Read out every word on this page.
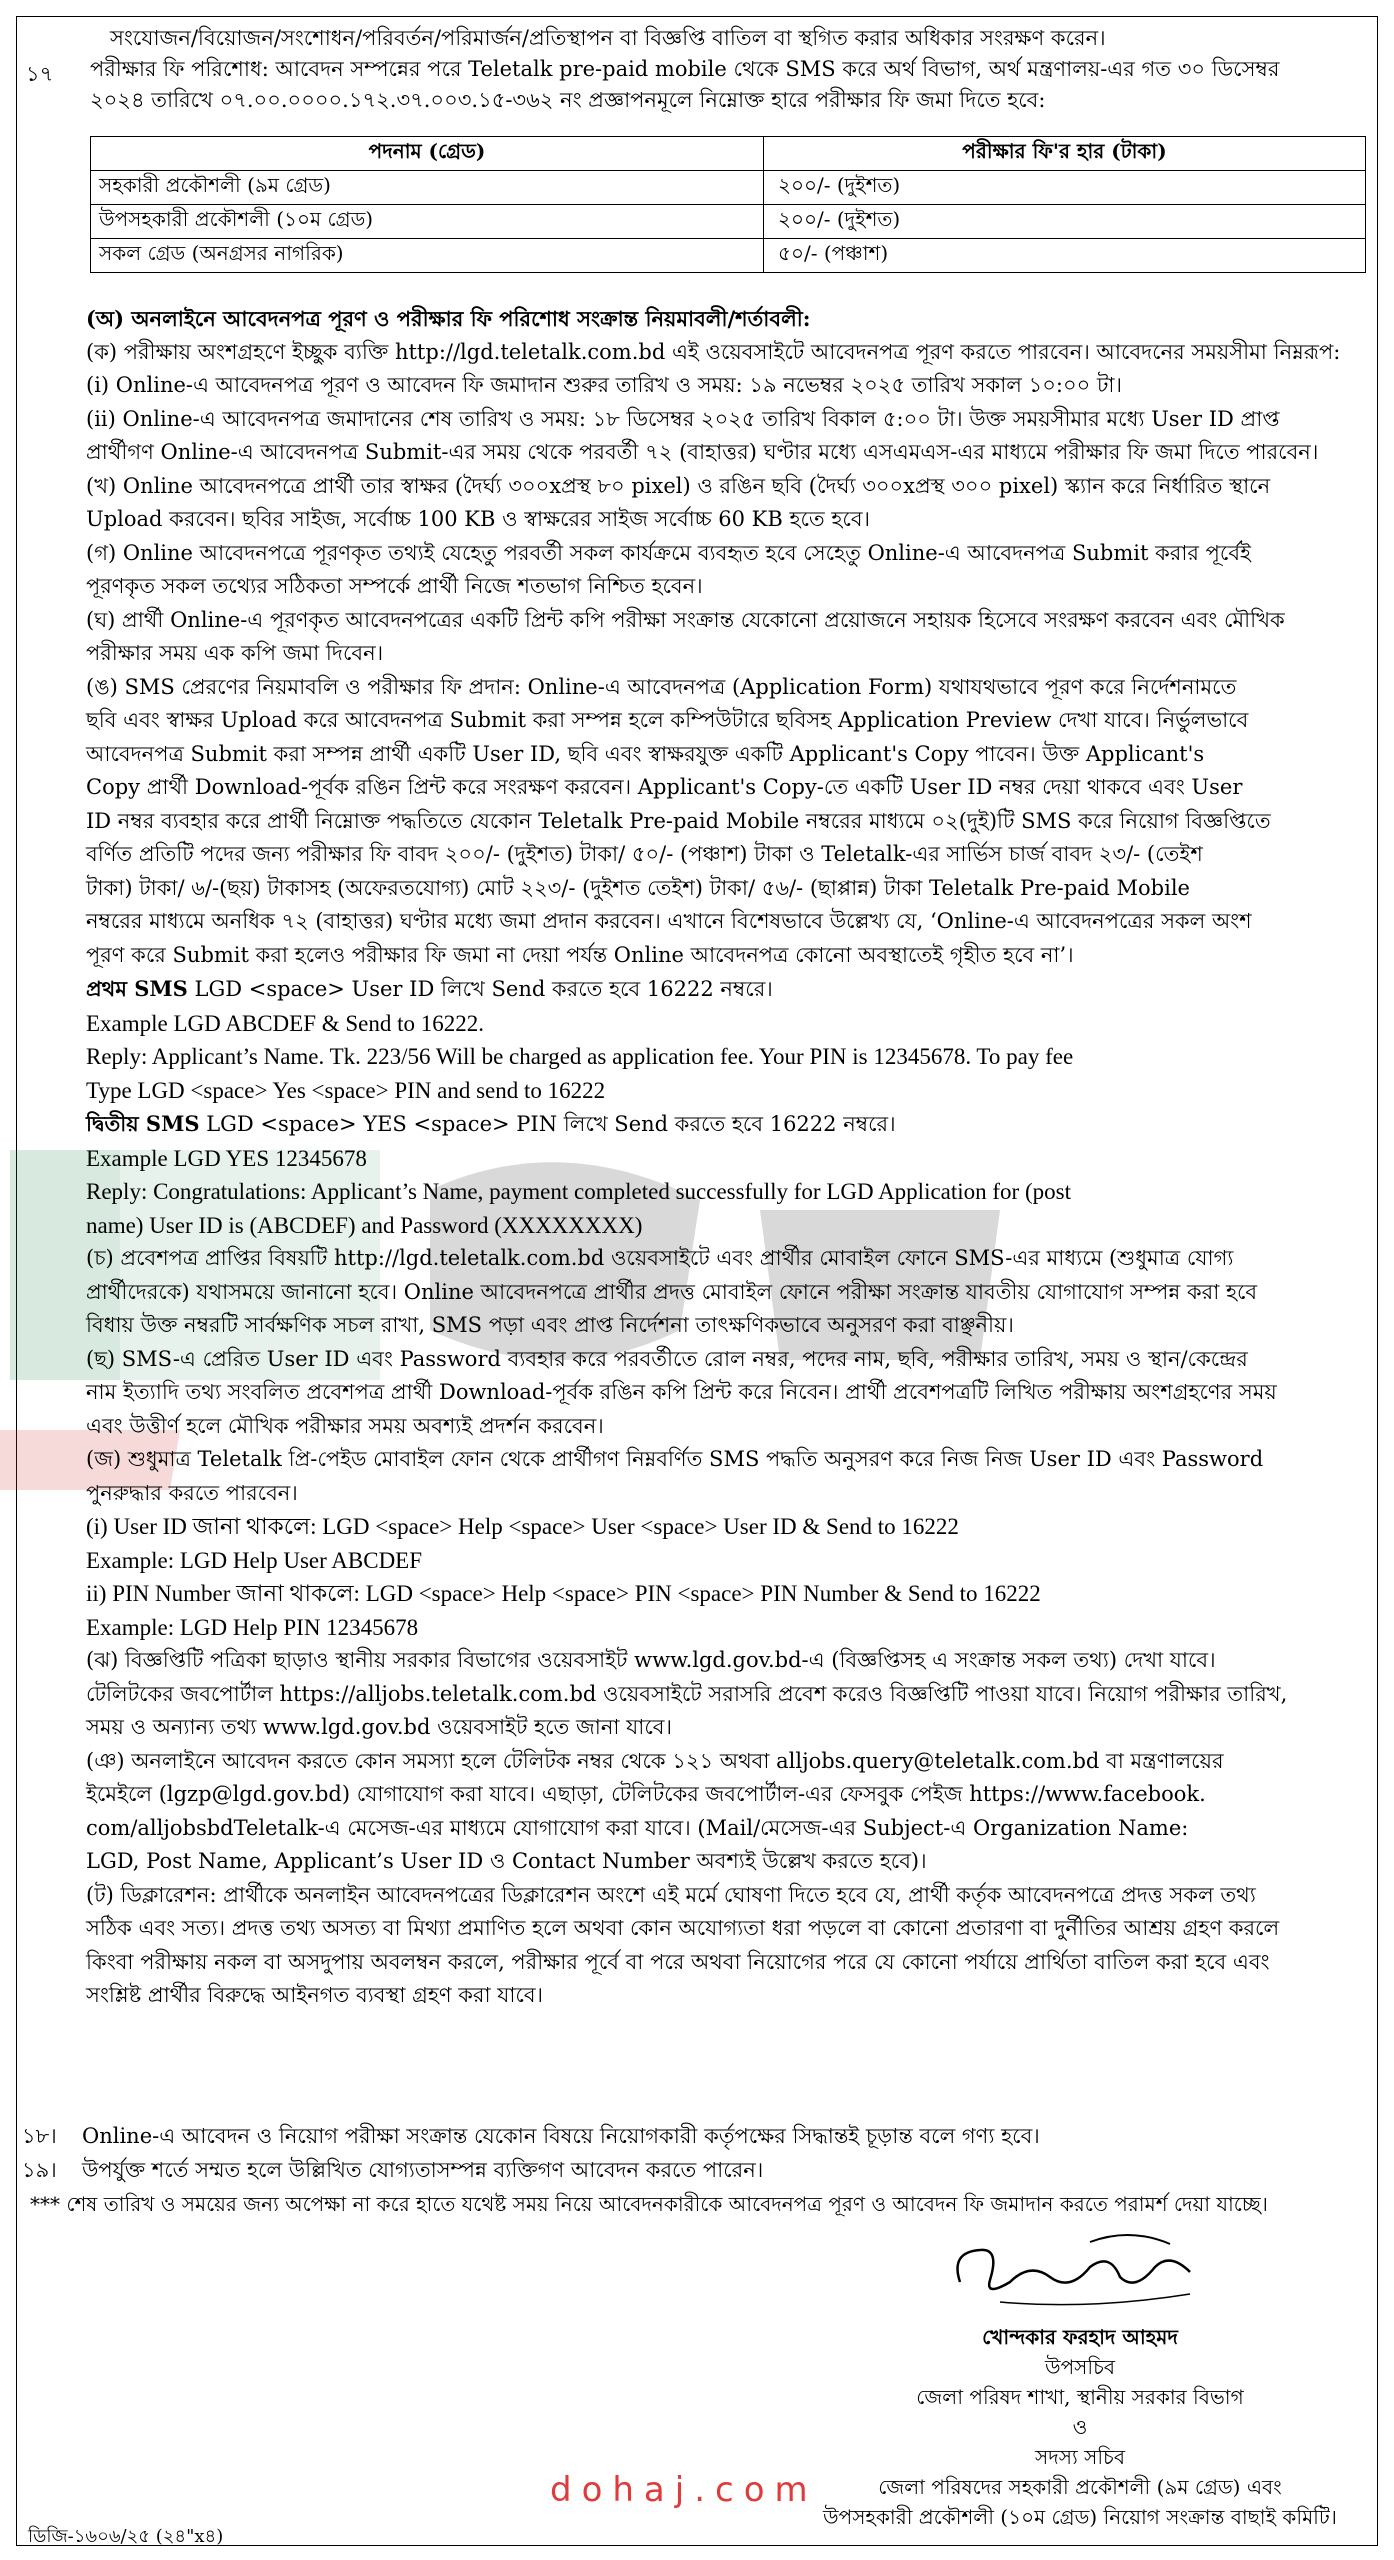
সংযোজন/বিয়োজন/সংশোধন/পরিবর্তন/পরিমার্জন/প্রতিস্থাপন বা বিজ্ঞপ্তি বাতিল বা স্থগিত করার অধিকার সংরক্ষণ করেন।
১৭	পরীক্ষার ফি পরিশোধ: আবেদন সম্পন্নের পরে Teletalk pre-paid mobile থেকে SMS করে অর্থ বিভাগ, অর্থ মন্ত্রণালয়-এর গত ৩০ ডিসেম্বর
২০২৪ তারিখে ০৭.০০.০০০০.১৭২.৩৭.০০৩.১৫-৩৬২ নং প্রজ্ঞাপনমূলে নিম্নোক্ত হারে পরীক্ষার ফি জমা দিতে হবে:
পদনাম (গ্রেড)	পরীক্ষার ফি'র হার (টাকা)
সহকারী প্রকৌশলী (৯ম গ্রেড)	২০০/- (দুইশত)
উপসহকারী প্রকৌশলী (১০ম গ্রেড)	২০০/- (দুইশত)
সকল গ্রেড (অনগ্রসর নাগরিক)	৫০/- (পঞ্চাশ)

(অ) অনলাইনে আবেদনপত্র পূরণ ও পরীক্ষার ফি পরিশোধ সংক্রান্ত নিয়মাবলী/শর্তাবলী:

(ক) পরীক্ষায় অংশগ্রহণে ইচ্ছুক ব্যক্তি http://lgd.teletalk.com.bd এই ওয়েবসাইটে আবেদনপত্র পূরণ করতে পারবেন। আবেদনের সময়সীমা নিম্নরূপ:

(i) Online-এ আবেদনপত্র পূরণ ও আবেদন ফি জমাদান শুরুর তারিখ ও সময়: ১৯ নভেম্বর ২০২৫ তারিখ সকাল ১০:০০ টা।

(ii) Online-এ আবেদনপত্র জমাদানের শেষ তারিখ ও সময়: ১৮ ডিসেম্বর ২০২৫ তারিখ বিকাল ৫:০০ টা। উক্ত সময়সীমার মধ্যে User ID প্রাপ্ত

প্রার্থীগণ Online-এ আবেদনপত্র Submit-এর সময় থেকে পরবর্তী ৭২ (বাহাত্তর) ঘণ্টার মধ্যে এসএমএস-এর মাধ্যমে পরীক্ষার ফি জমা দিতে পারবেন।

(খ) Online আবেদনপত্রে প্রার্থী তার স্বাক্ষর (দৈর্ঘ্য ৩০০xপ্রস্থ ৮০ pixel) ও রঙিন ছবি (দৈর্ঘ্য ৩০০xপ্রস্থ ৩০০ pixel) স্ক্যান করে নির্ধারিত স্থানে

Upload করবেন। ছবির সাইজ, সর্বোচ্চ 100 KB ও স্বাক্ষরের সাইজ সর্বোচ্চ 60 KB হতে হবে।

(গ) Online আবেদনপত্রে পূরণকৃত তথ্যই যেহেতু পরবর্তী সকল কার্যক্রমে ব্যবহৃত হবে সেহেতু Online-এ আবেদনপত্র Submit করার পূর্বেই

পূরণকৃত সকল তথ্যের সঠিকতা সম্পর্কে প্রার্থী নিজে শতভাগ নিশ্চিত হবেন।

(ঘ) প্রার্থী Online-এ পূরণকৃত আবেদনপত্রের একটি প্রিন্ট কপি পরীক্ষা সংক্রান্ত যেকোনো প্রয়োজনে সহায়ক হিসেবে সংরক্ষণ করবেন এবং মৌখিক

পরীক্ষার সময় এক কপি জমা দিবেন।

(ঙ) SMS প্রেরণের নিয়মাবলি ও পরীক্ষার ফি প্রদান: Online-এ আবেদনপত্র (Application Form) যথাযথভাবে পূরণ করে নির্দেশনামতে

ছবি এবং স্বাক্ষর Upload করে আবেদনপত্র Submit করা সম্পন্ন হলে কম্পিউটারে ছবিসহ Application Preview দেখা যাবে। নির্ভুলভাবে

আবেদনপত্র Submit করা সম্পন্ন প্রার্থী একটি User ID, ছবি এবং স্বাক্ষরযুক্ত একটি Applicant's Copy পাবেন। উক্ত Applicant's

Copy প্রার্থী Download-পূর্বক রঙিন প্রিন্ট করে সংরক্ষণ করবেন। Applicant's Copy-তে একটি User ID নম্বর দেয়া থাকবে এবং User

ID নম্বর ব্যবহার করে প্রার্থী নিম্নোক্ত পদ্ধতিতে যেকোন Teletalk Pre-paid Mobile নম্বরের মাধ্যমে ০২(দুই)টি SMS করে নিয়োগ বিজ্ঞপ্তিতে

বর্ণিত প্রতিটি পদের জন্য পরীক্ষার ফি বাবদ ২০০/- (দুইশত) টাকা/ ৫০/- (পঞ্চাশ) টাকা ও Teletalk-এর সার্ভিস চার্জ বাবদ ২৩/- (তেইশ

টাকা) টাকা/ ৬/-(ছয়) টাকাসহ (অফেরতযোগ্য) মোট ২২৩/- (দুইশত তেইশ) টাকা/ ৫৬/- (ছাপ্পান্ন) টাকা Teletalk Pre-paid Mobile

নম্বরের মাধ্যমে অনধিক ৭২ (বাহাত্তর) ঘণ্টার মধ্যে জমা প্রদান করবেন। এখানে বিশেষভাবে উল্লেখ্য যে, ‘Online-এ আবেদনপত্রের সকল অংশ

পূরণ করে Submit করা হলেও পরীক্ষার ফি জমা না দেয়া পর্যন্ত Online আবেদনপত্র কোনো অবস্থাতেই গৃহীত হবে না’।

প্রথম SMS LGD <space> User ID লিখে Send করতে হবে 16222 নম্বরে।

Example LGD ABCDEF & Send to 16222.

Reply: Applicant’s Name. Tk. 223/56 Will be charged as application fee. Your PIN is 12345678. To pay fee

Type LGD <space> Yes <space> PIN and send to 16222

দ্বিতীয় SMS LGD <space> YES <space> PIN লিখে Send করতে হবে 16222 নম্বরে।

Example LGD YES 12345678

Reply: Congratulations: Applicant’s Name, payment completed successfully for LGD Application for (post

name) User ID is (ABCDEF) and Password (XXXXXXXX)

(চ) প্রবেশপত্র প্রাপ্তির বিষয়টি http://lgd.teletalk.com.bd ওয়েবসাইটে এবং প্রার্থীর মোবাইল ফোনে SMS-এর মাধ্যমে (শুধুমাত্র যোগ্য

প্রার্থীদেরকে) যথাসময়ে জানানো হবে। Online আবেদনপত্রে প্রার্থীর প্রদত্ত মোবাইল ফোনে পরীক্ষা সংক্রান্ত যাবতীয় যোগাযোগ সম্পন্ন করা হবে

বিধায় উক্ত নম্বরটি সার্বক্ষণিক সচল রাখা, SMS পড়া এবং প্রাপ্ত নির্দেশনা তাৎক্ষণিকভাবে অনুসরণ করা বাঞ্ছনীয়।

(ছ) SMS-এ প্রেরিত User ID এবং Password ব্যবহার করে পরবর্তীতে রোল নম্বর, পদের নাম, ছবি, পরীক্ষার তারিখ, সময় ও স্থান/কেন্দ্রের

নাম ইত্যাদি তথ্য সংবলিত প্রবেশপত্র প্রার্থী Download-পূর্বক রঙিন কপি প্রিন্ট করে নিবেন। প্রার্থী প্রবেশপত্রটি লিখিত পরীক্ষায় অংশগ্রহণের সময়

এবং উত্তীর্ণ হলে মৌখিক পরীক্ষার সময় অবশ্যই প্রদর্শন করবেন।

(জ) শুধুমাত্র Teletalk প্রি-পেইড মোবাইল ফোন থেকে প্রার্থীগণ নিম্নবর্ণিত SMS পদ্ধতি অনুসরণ করে নিজ নিজ User ID এবং Password

পুনরুদ্ধার করতে পারবেন।

(i) User ID জানা থাকলে: LGD <space> Help <space> User <space> User ID & Send to 16222

Example: LGD Help User ABCDEF

ii) PIN Number জানা থাকলে: LGD <space> Help <space> PIN <space> PIN Number & Send to 16222

Example: LGD Help PIN 12345678

(ঝ) বিজ্ঞপ্তিটি পত্রিকা ছাড়াও স্থানীয় সরকার বিভাগের ওয়েবসাইট www.lgd.gov.bd-এ (বিজ্ঞপ্তিসহ এ সংক্রান্ত সকল তথ্য) দেখা যাবে।

টেলিটকের জবপোর্টাল https://alljobs.teletalk.com.bd ওয়েবসাইটে সরাসরি প্রবেশ করেও বিজ্ঞপ্তিটি পাওয়া যাবে। নিয়োগ পরীক্ষার তারিখ,

সময় ও অন্যান্য তথ্য www.lgd.gov.bd ওয়েবসাইট হতে জানা যাবে।

(ঞ) অনলাইনে আবেদন করতে কোন সমস্যা হলে টেলিটক নম্বর থেকে ১২১ অথবা alljobs.query@teletalk.com.bd বা মন্ত্রণালয়ের

ইমেইলে (lgzp@lgd.gov.bd) যোগাযোগ করা যাবে। এছাড়া, টেলিটকের জবপোর্টাল-এর ফেসবুক পেইজ https://www.facebook.

com/alljobsbdTeletalk-এ মেসেজ-এর মাধ্যমে যোগাযোগ করা যাবে। (Mail/মেসেজ-এর Subject-এ Organization Name:

LGD, Post Name, Applicant’s User ID ও Contact Number অবশ্যই উল্লেখ করতে হবে)।

(ট) ডিক্লারেশন: প্রার্থীকে অনলাইন আবেদনপত্রের ডিক্লারেশন অংশে এই মর্মে ঘোষণা দিতে হবে যে, প্রার্থী কর্তৃক আবেদনপত্রে প্রদত্ত সকল তথ্য

সঠিক এবং সত্য। প্রদত্ত তথ্য অসত্য বা মিথ্যা প্রমাণিত হলে অথবা কোন অযোগ্যতা ধরা পড়লে বা কোনো প্রতারণা বা দুর্নীতির আশ্রয় গ্রহণ করলে

কিংবা পরীক্ষায় নকল বা অসদুপায় অবলম্বন করলে, পরীক্ষার পূর্বে বা পরে অথবা নিয়োগের পরে যে কোনো পর্যায়ে প্রার্থিতা বাতিল করা হবে এবং

সংশ্লিষ্ট প্রার্থীর বিরুদ্ধে আইনগত ব্যবস্থা গ্রহণ করা যাবে।

১৮। Online-এ আবেদন ও নিয়োগ পরীক্ষা সংক্রান্ত যেকোন বিষয়ে নিয়োগকারী কর্তৃপক্ষের সিদ্ধান্তই চূড়ান্ত বলে গণ্য হবে।
১৯। উপর্যুক্ত শর্তে সম্মত হলে উল্লিখিত যোগ্যতাসম্পন্ন ব্যক্তিগণ আবেদন করতে পারেন।
*** শেষ তারিখ ও সময়ের জন্য অপেক্ষা না করে হাতে যথেষ্ট সময় নিয়ে আবেদনকারীকে আবেদনপত্র পূরণ ও আবেদন ফি জমাদান করতে পরামর্শ দেয়া যাচ্ছে।
খোন্দকার ফরহাদ আহমদ
উপসচিব
জেলা পরিষদ শাখা, স্থানীয় সরকার বিভাগ
ও
সদস্য সচিব
জেলা পরিষদের সহকারী প্রকৌশলী (৯ম গ্রেড) এবং
উপসহকারী প্রকৌশলী (১০ম গ্রেড) নিয়োগ সংক্রান্ত বাছাই কমিটি।
dohaj.com
ডিজি-১৬০৬/২৫ (২৪"x৪)
